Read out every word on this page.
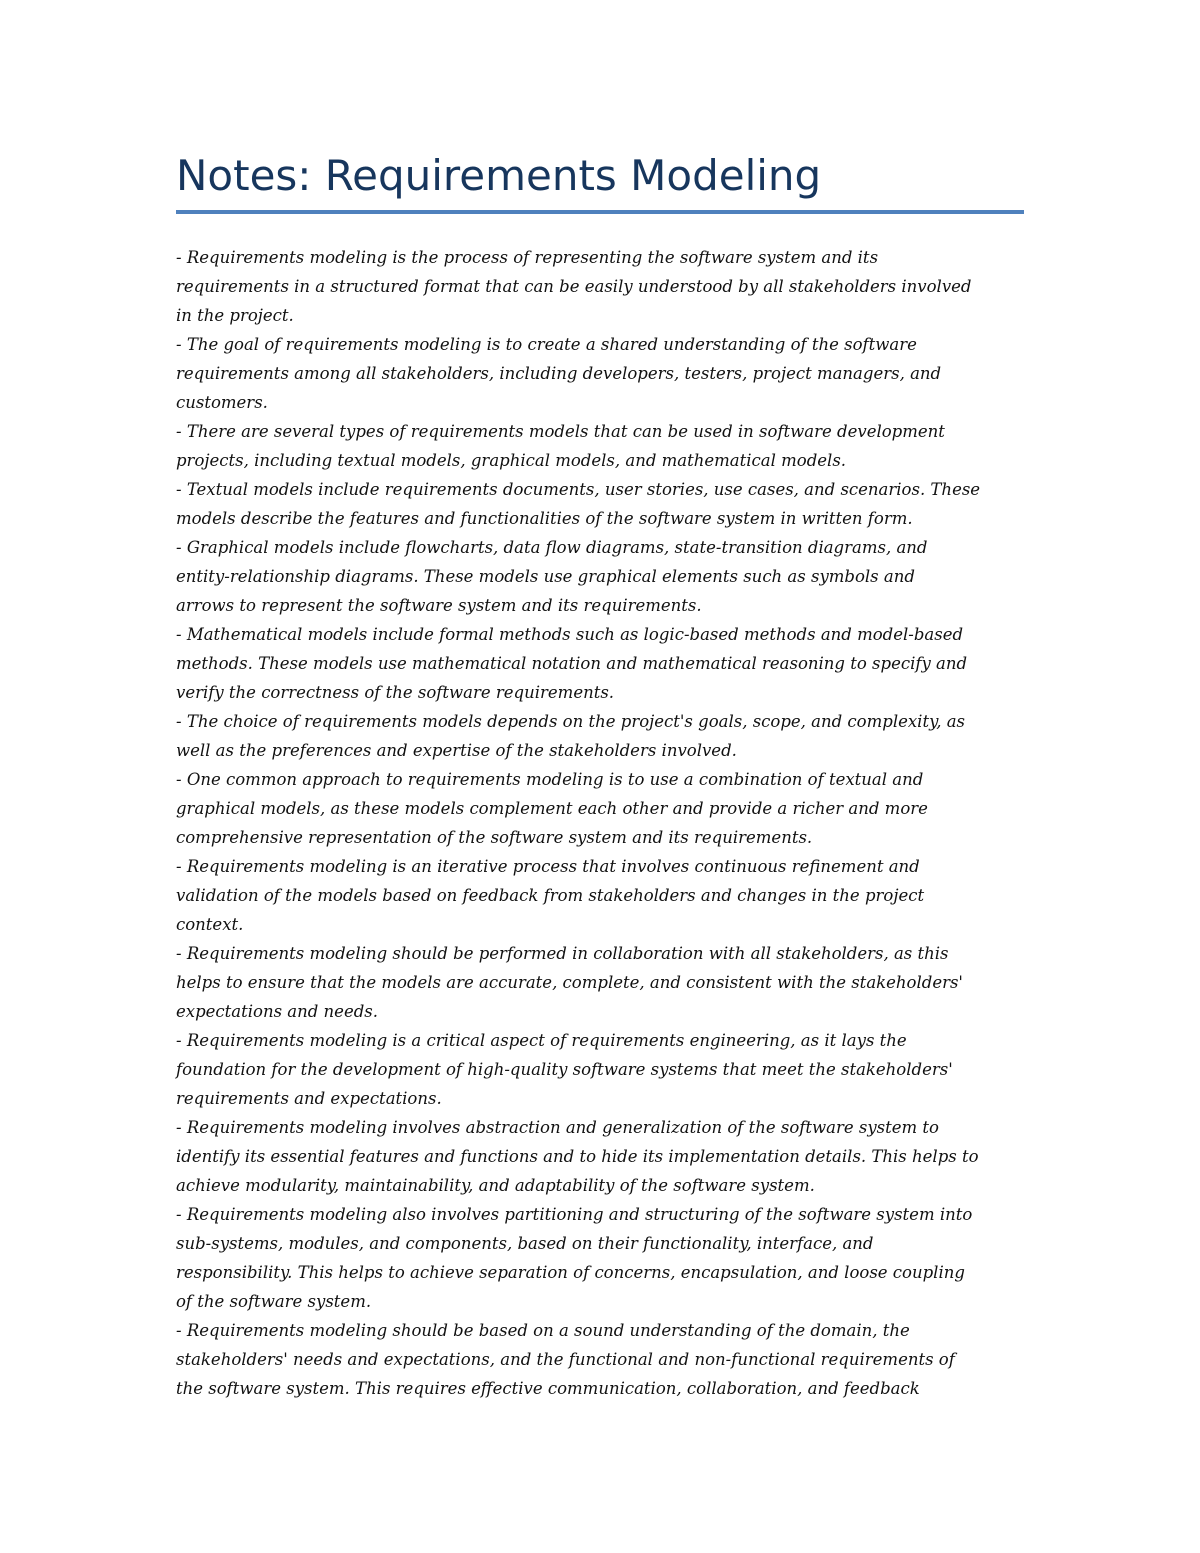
Notes: Requirements Modeling
- Requirements modeling is the process of representing the software system and its
requirements in a structured format that can be easily understood by all stakeholders involved
in the project.
- The goal of requirements modeling is to create a shared understanding of the software
requirements among all stakeholders, including developers, testers, project managers, and
customers.
- There are several types of requirements models that can be used in software development
projects, including textual models, graphical models, and mathematical models.
- Textual models include requirements documents, user stories, use cases, and scenarios. These
models describe the features and functionalities of the software system in written form.
- Graphical models include flowcharts, data flow diagrams, state-transition diagrams, and
entity-relationship diagrams. These models use graphical elements such as symbols and
arrows to represent the software system and its requirements.
- Mathematical models include formal methods such as logic-based methods and model-based
methods. These models use mathematical notation and mathematical reasoning to specify and
verify the correctness of the software requirements.
- The choice of requirements models depends on the project's goals, scope, and complexity, as
well as the preferences and expertise of the stakeholders involved.
- One common approach to requirements modeling is to use a combination of textual and
graphical models, as these models complement each other and provide a richer and more
comprehensive representation of the software system and its requirements.
- Requirements modeling is an iterative process that involves continuous refinement and
validation of the models based on feedback from stakeholders and changes in the project
context.
- Requirements modeling should be performed in collaboration with all stakeholders, as this
helps to ensure that the models are accurate, complete, and consistent with the stakeholders'
expectations and needs.
- Requirements modeling is a critical aspect of requirements engineering, as it lays the
foundation for the development of high-quality software systems that meet the stakeholders'
requirements and expectations.
- Requirements modeling involves abstraction and generalization of the software system to
identify its essential features and functions and to hide its implementation details. This helps to
achieve modularity, maintainability, and adaptability of the software system.
- Requirements modeling also involves partitioning and structuring of the software system into
sub-systems, modules, and components, based on their functionality, interface, and
responsibility. This helps to achieve separation of concerns, encapsulation, and loose coupling
of the software system.
- Requirements modeling should be based on a sound understanding of the domain, the
stakeholders' needs and expectations, and the functional and non-functional requirements of
the software system. This requires effective communication, collaboration, and feedback
